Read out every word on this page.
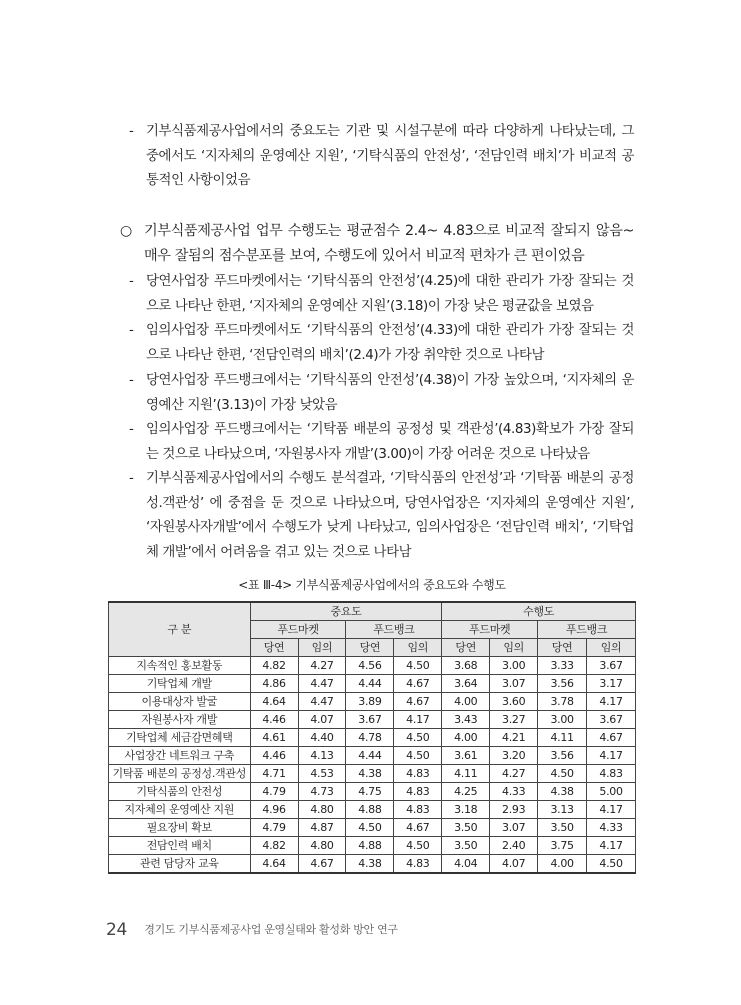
- 기부식품제공사업에서의 중요도는 기관 및 시설구분에 따라 다양하게 나타났는데, 그 중에서도 ‘지자체의 운영예산 지원’, ‘기탁식품의 안전성’, ‘전담인력 배치’가 비교적 공통적인 사항이었음
○ 기부식품제공사업 업무 수행도는 평균점수 2.4~ 4.83으로 비교적 잘되지 않음~ 매우 잘됨의 점수분포를 보여, 수행도에 있어서 비교적 편차가 큰 편이었음
- 당연사업장 푸드마켓에서는 ‘기탁식품의 안전성’(4.25)에 대한 관리가 가장 잘되는 것으로 나타난 한편, ‘지자체의 운영예산 지원’(3.18)이 가장 낮은 평균값을 보였음
- 임의사업장 푸드마켓에서도 ‘기탁식품의 안전성’(4.33)에 대한 관리가 가장 잘되는 것으로 나타난 한편, ‘전담인력의 배치’(2.4)가 가장 취약한 것으로 나타남
- 당연사업장 푸드뱅크에서는 ‘기탁식품의 안전성’(4.38)이 가장 높았으며, ‘지자체의 운영예산 지원’(3.13)이 가장 낮았음
- 임의사업장 푸드뱅크에서는 ‘기탁품 배분의 공정성 및 객관성’(4.83)확보가 가장 잘되는 것으로 나타났으며, ‘자원봉사자 개발’(3.00)이 가장 어려운 것으로 나타났음
- 기부식품제공사업에서의 수행도 분석결과, ‘기탁식품의 안전성’과 ‘기탁품 배분의 공정성.객관성’ 에 중점을 둔 것으로 나타났으며, 당연사업장은 ‘지자체의 운영예산 지원’, ‘자원봉사자개발’에서 수행도가 낮게 나타났고, 임의사업장은 ‘전담인력 배치’, ‘기탁업체 개발’에서 어려움을 겪고 있는 것으로 나타남
<표 Ⅲ-4> 기부식품제공사업에서의 중요도와 수행도
구 분	중요도				수행도			
	푸드마켓		푸드뱅크		푸드마켓		푸드뱅크	
	당연	임의	당연	임의	당연	임의	당연	임의
지속적인 홍보활동	4.82	4.27	4.56	4.50	3.68	3.00	3.33	3.67
기탁업체 개발	4.86	4.47	4.44	4.67	3.64	3.07	3.56	3.17
이용대상자 발굴	4.64	4.47	3.89	4.67	4.00	3.60	3.78	4.17
자원봉사자 개발	4.46	4.07	3.67	4.17	3.43	3.27	3.00	3.67
기탁업체 세금감면혜택	4.61	4.40	4.78	4.50	4.00	4.21	4.11	4.67
사업장간 네트워크 구축	4.46	4.13	4.44	4.50	3.61	3.20	3.56	4.17
기탁품 배분의 공정성.객관성	4.71	4.53	4.38	4.83	4.11	4.27	4.50	4.83
기탁식품의 안전성	4.79	4.73	4.75	4.83	4.25	4.33	4.38	5.00
지자체의 운영예산 지원	4.96	4.80	4.88	4.83	3.18	2.93	3.13	4.17
필요장비 확보	4.79	4.87	4.50	4.67	3.50	3.07	3.50	4.33
전담인력 배치	4.82	4.80	4.88	4.50	3.50	2.40	3.75	4.17
관련 담당자 교육	4.64	4.67	4.38	4.83	4.04	4.07	4.00	4.50
24 경기도 기부식품제공사업 운영실태와 활성화 방안 연구
